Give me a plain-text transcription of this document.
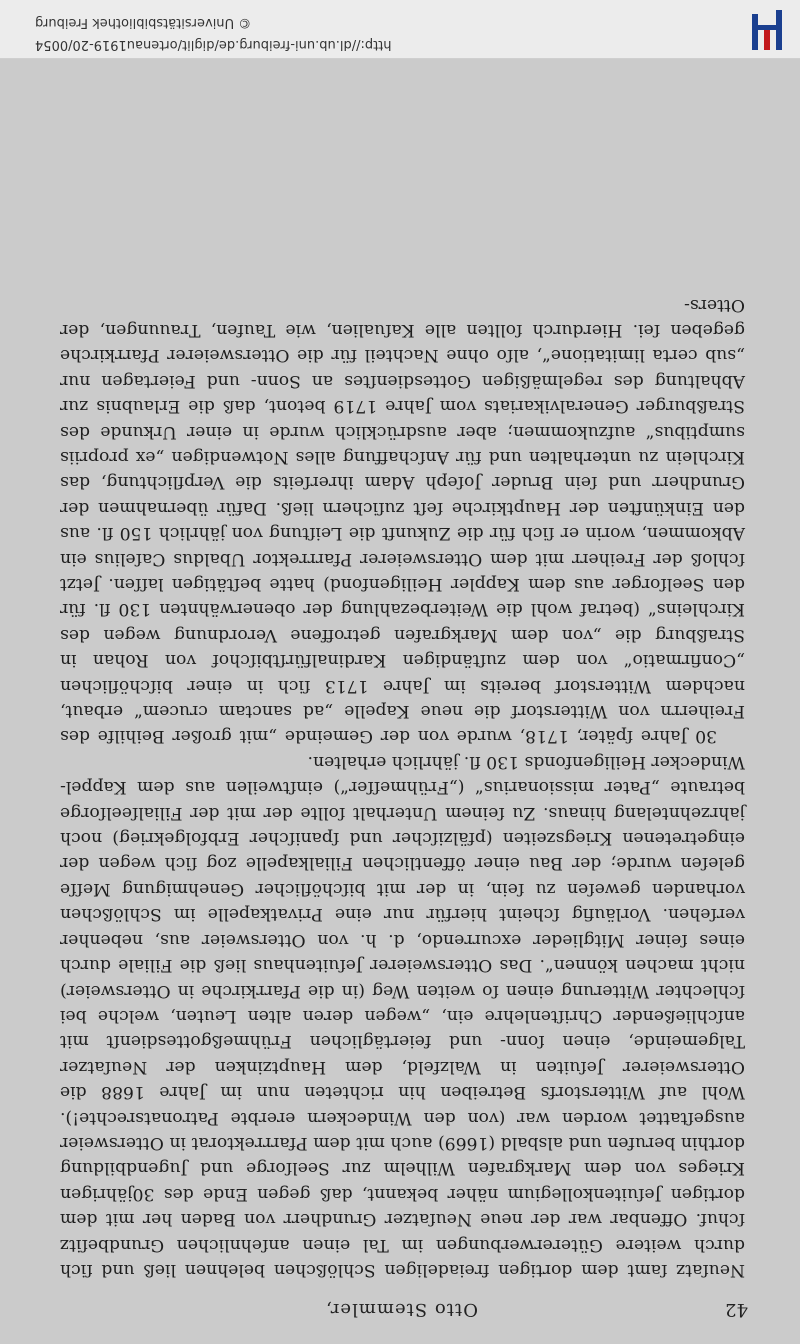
42
Otto Stemmler,

Neuſatz ſamt dem dortigen freiadeligen Schlößchen belehnen ließ und ſich durch weitere Gütererwerbungen im Tal einen anſehnlichen Grundbeſitz ſchuf. Offenbar war der neue Neuſatzer Grundherr von Baden her mit dem dortigen Jeſuitenkollegium näher bekannt, daß gegen Ende des 30jährigen Krieges von dem Markgrafen Wilhelm zur Seelſorge und Jugendbildung dorthin berufen und alsbald (1669) auch mit dem Pfarrrektorat in Ottersweier ausgeſtattet worden war (von den Windeckern ererbte Patronatsrechte!). Wohl auf Witterstorfs Betreiben hin richteten nun im Jahre 1688 die Ottersweierer Jeſuiten in Walzfeld, dem Hauptzinken der Neuſatzer Talgemeinde, einen ſonn- und feiertäglichen Frühmeßgottesdienſt mit anſchließender Chriſtenlehre ein, „wegen deren alten Leuten, welche bei ſchlechter Witterung einen ſo weiten Weg (in die Pfarrkirche in Ottersweier) nicht machen können“. Das Ottersweierer Jeſuitenhaus ließ die Filiale durch eines ſeiner Mitglieder excurrendo, d. h. von Ottersweier aus, nebenher verſehen. Vorläufig ſcheint hierfür nur eine Privatkapelle im Schlößchen vorhanden geweſen zu ſein, in der mit biſchöflicher Genehmigung Meſſe geleſen wurde; der Bau einer öffentlichen Filialkapelle zog ſich wegen der eingetretenen Kriegszeiten (pfälziſcher und ſpaniſcher Erbfolgekrieg) noch jahrzehntelang hinaus. Zu ſeinem Unterhalt ſollte der mit der Filialſeelſorge betraute „Pater missionarius“ („Frühmeſſer“) einſtweilen aus dem Kappel-Windecker Heiligenfonds 130 fl. jährlich erhalten.

30 Jahre ſpäter, 1718, wurde von der Gemeinde „mit großer Beihilfe des Freiherrn von Witterstorf die neue Kapelle „ad sanctam crucem“ erbaut, nachdem Witterstorf bereits im Jahre 1713 ſich in einer biſchöflichen „Confirmatio“ von dem zuſtändigen Kardinalfürſtbiſchof von Rohan in Straßburg die „von dem Markgrafen getroffene Verordnung wegen des Kirchleins“ (betraf wohl die Weiterbezahlung der obenerwähnten 130 fl. für den Seelſorger aus dem Kappler Heiligenfond) hatte beſtätigen laſſen. Jetzt ſchloß der Freiherr mit dem Ottersweierer Pfarrrektor Ubaldus Caſelius ein Abkommen, worin er ſich für die Zukunft die Leiſtung von jährlich 150 fl. aus den Einkünften der Hauptkirche ſeſt zuſichern ließ. Dafür übernahmen der Grundherr und ſein Bruder Joſeph Adam ihrerſeits die Verpflichtung, das Kirchlein zu unterhalten und für Anſchaffung alles Notwendigen „ex propriis sumptibus“ aufzukommen; aber ausdrücklich wurde in einer Urkunde des Straßburger Generalvikariats vom Jahre 1719 betont, daß die Erlaubnis zur Abhaltung des regelmäßigen Gottesdienſtes an Sonn- und Feiertagen nur „sub certa limitatione“, alſo ohne Nachteil für die Ottersweierer Pfarrkirche gegeben ſei. Hierdurch ſollten alle Kaſualien, wie Taufen, Trauungen, der Otters-

http://dl.ub.uni-freiburg.de/diglit/ortenau1919-20/0054
© Universitätsbibliothek Freiburg
